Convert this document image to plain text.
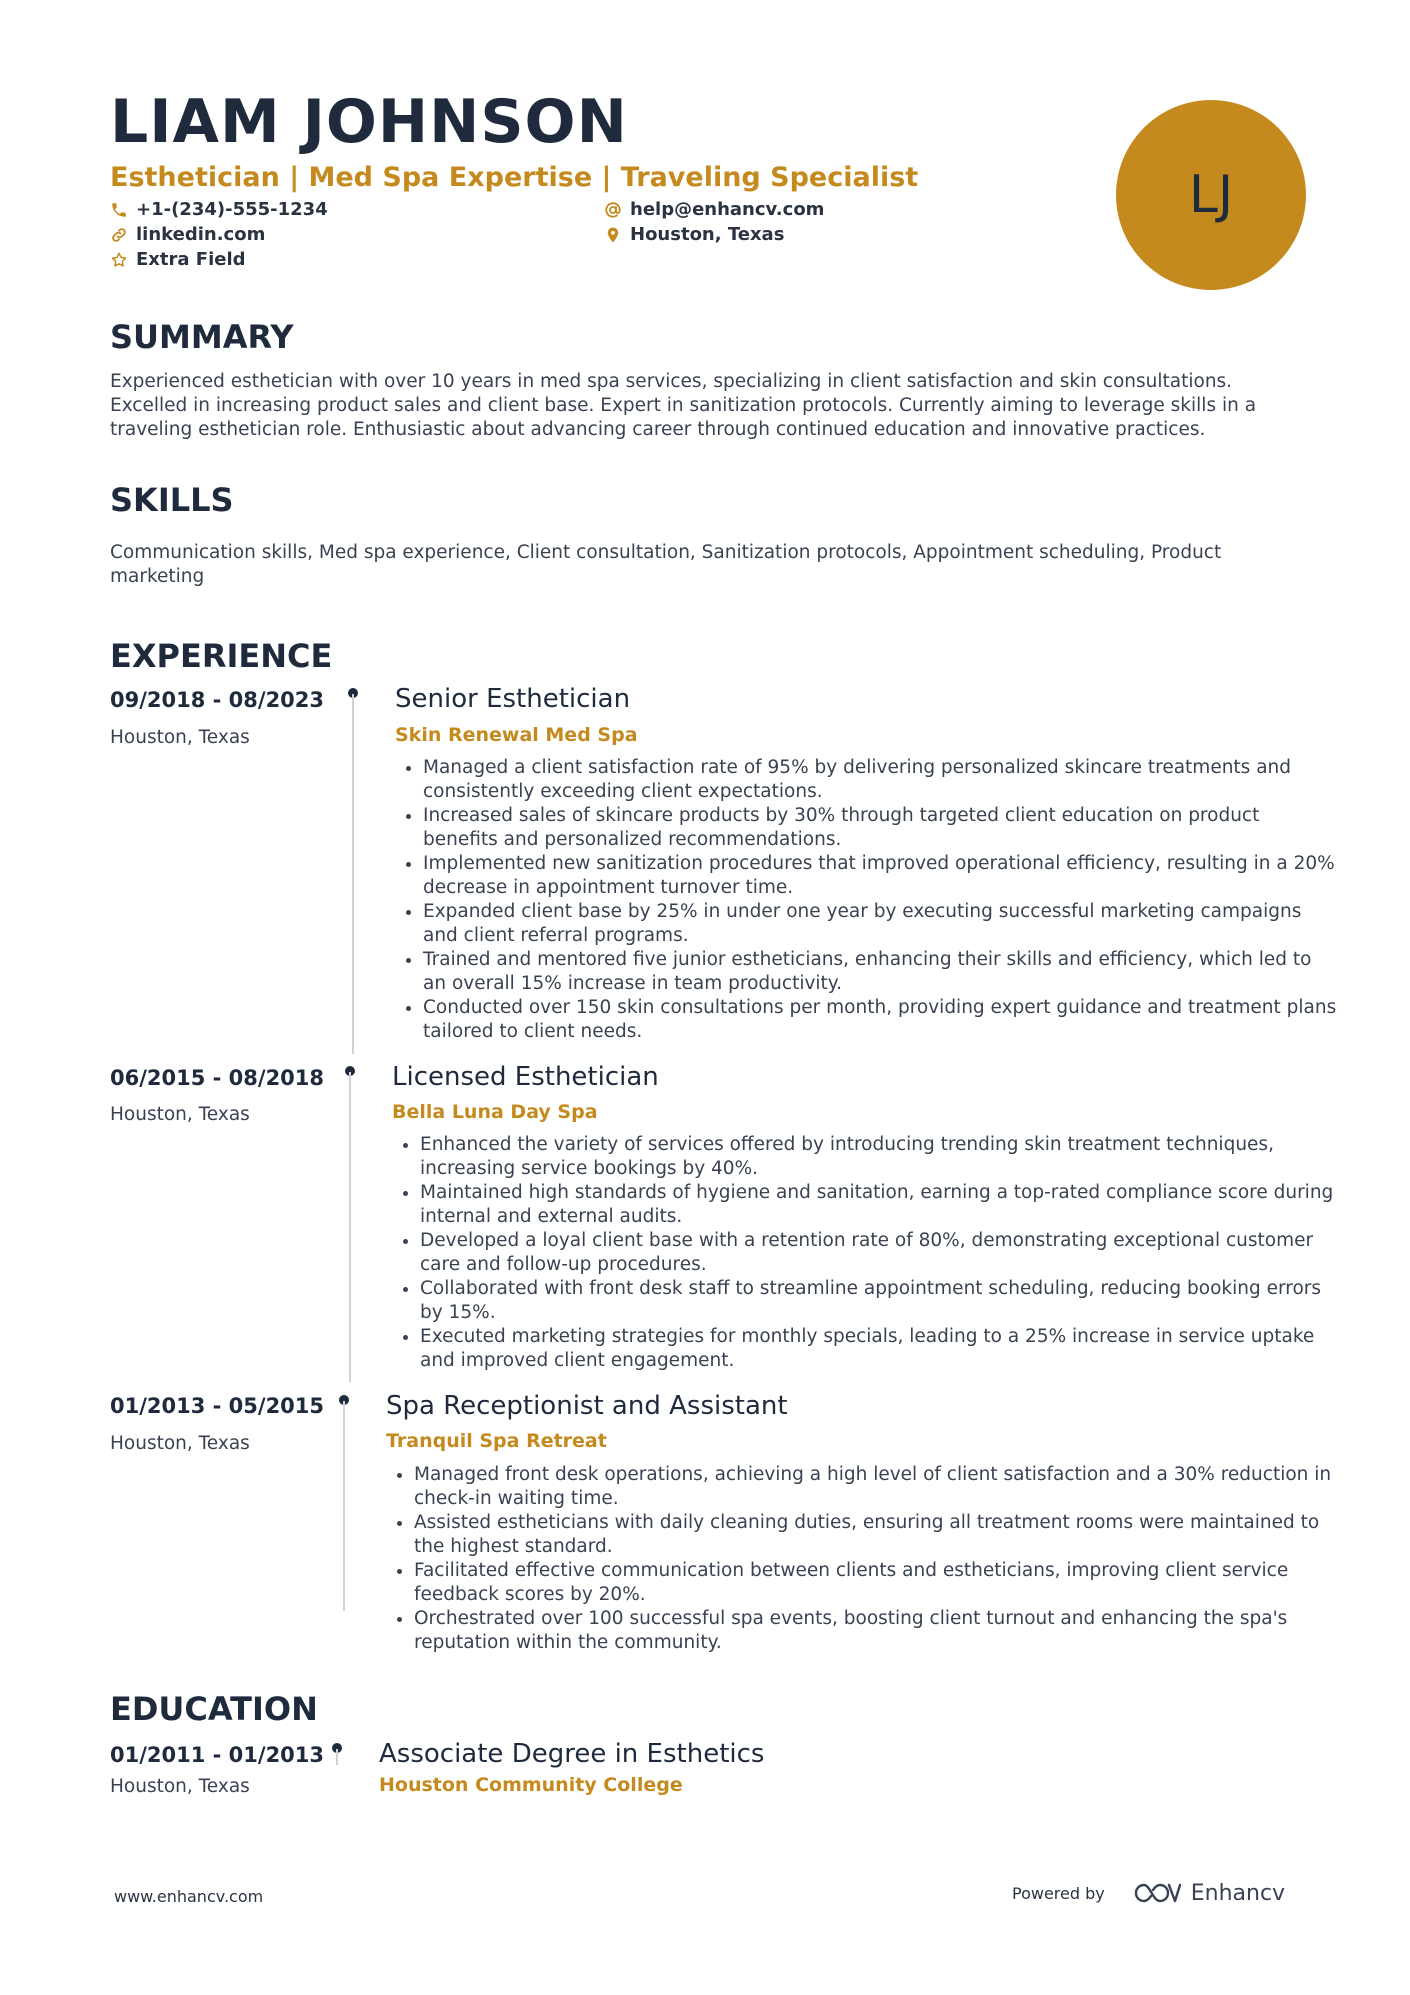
LIAM JOHNSON
Esthetician | Med Spa Expertise | Traveling Specialist
+1-(234)-555-1234	help@enhancv.com
linkedin.com	Houston, Texas
Extra Field
LJ
SUMMARY
Experienced esthetician with over 10 years in med spa services, specializing in client satisfaction and skin consultations. Excelled in increasing product sales and client base. Expert in sanitization protocols. Currently aiming to leverage skills in a traveling esthetician role. Enthusiastic about advancing career through continued education and innovative practices.
SKILLS
Communication skills, Med spa experience, Client consultation, Sanitization protocols, Appointment scheduling, Product marketing
EXPERIENCE
09/2018 - 08/2023
Houston, Texas
Senior Esthetician
Skin Renewal Med Spa
• Managed a client satisfaction rate of 95% by delivering personalized skincare treatments and consistently exceeding client expectations.
• Increased sales of skincare products by 30% through targeted client education on product benefits and personalized recommendations.
• Implemented new sanitization procedures that improved operational efficiency, resulting in a 20% decrease in appointment turnover time.
• Expanded client base by 25% in under one year by executing successful marketing campaigns and client referral programs.
• Trained and mentored five junior estheticians, enhancing their skills and efficiency, which led to an overall 15% increase in team productivity.
• Conducted over 150 skin consultations per month, providing expert guidance and treatment plans tailored to client needs.
06/2015 - 08/2018
Houston, Texas
Licensed Esthetician
Bella Luna Day Spa
• Enhanced the variety of services offered by introducing trending skin treatment techniques, increasing service bookings by 40%.
• Maintained high standards of hygiene and sanitation, earning a top-rated compliance score during internal and external audits.
• Developed a loyal client base with a retention rate of 80%, demonstrating exceptional customer care and follow-up procedures.
• Collaborated with front desk staff to streamline appointment scheduling, reducing booking errors by 15%.
• Executed marketing strategies for monthly specials, leading to a 25% increase in service uptake and improved client engagement.
01/2013 - 05/2015
Houston, Texas
Spa Receptionist and Assistant
Tranquil Spa Retreat
• Managed front desk operations, achieving a high level of client satisfaction and a 30% reduction in check-in waiting time.
• Assisted estheticians with daily cleaning duties, ensuring all treatment rooms were maintained to the highest standard.
• Facilitated effective communication between clients and estheticians, improving client service feedback scores by 20%.
• Orchestrated over 100 successful spa events, boosting client turnout and enhancing the spa's reputation within the community.
EDUCATION
01/2011 - 01/2013
Houston, Texas
Associate Degree in Esthetics
Houston Community College
www.enhancv.com	Powered by	Enhancv
